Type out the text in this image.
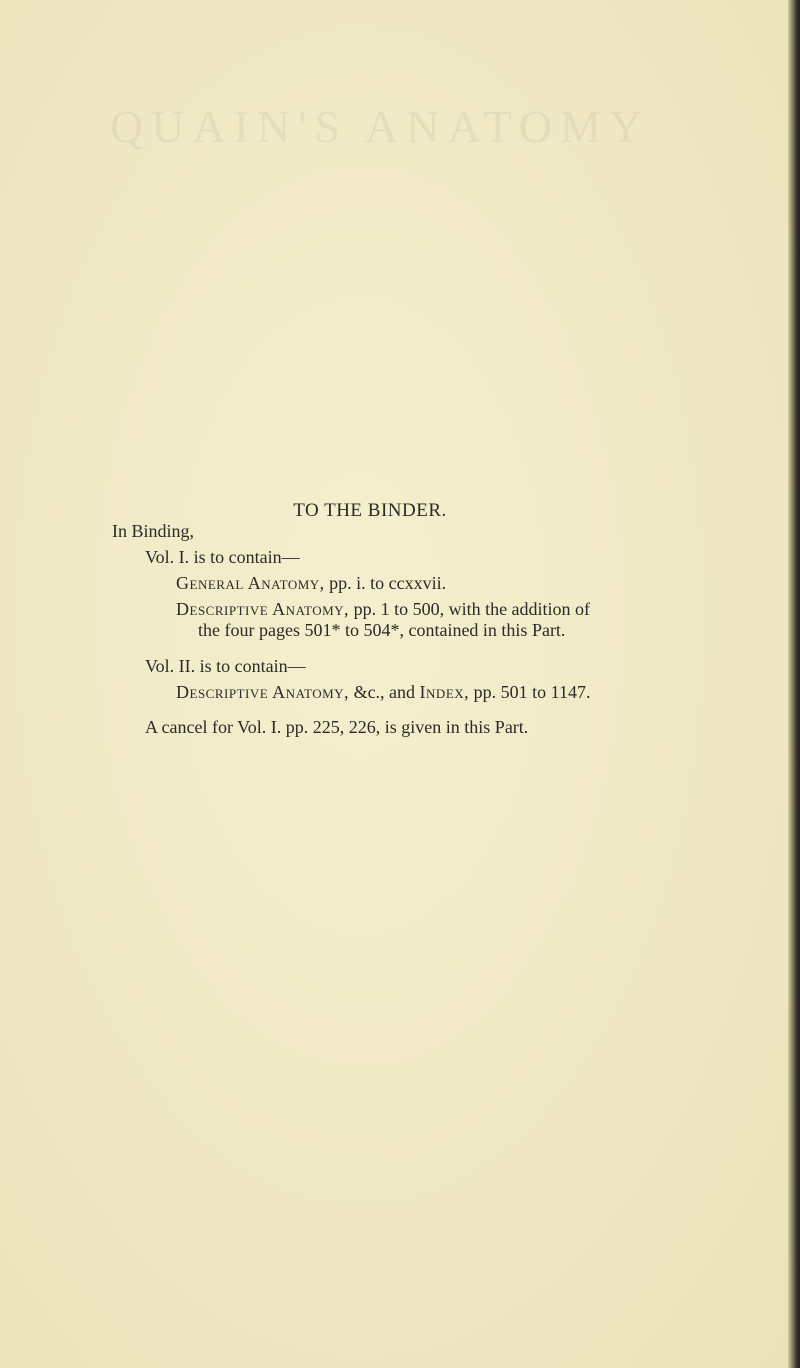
QUAIN'S ANATOMY
TO THE BINDER.
In Binding,
Vol. I. is to contain—
General Anatomy, pp. i. to ccxxvii.
Descriptive Anatomy, pp. 1 to 500, with the addition of
the four pages 501* to 504*, contained in this Part.
Vol. II. is to contain—
Descriptive Anatomy, &c., and Index, pp. 501 to 1147.
A cancel for Vol. I. pp. 225, 226, is given in this Part.
